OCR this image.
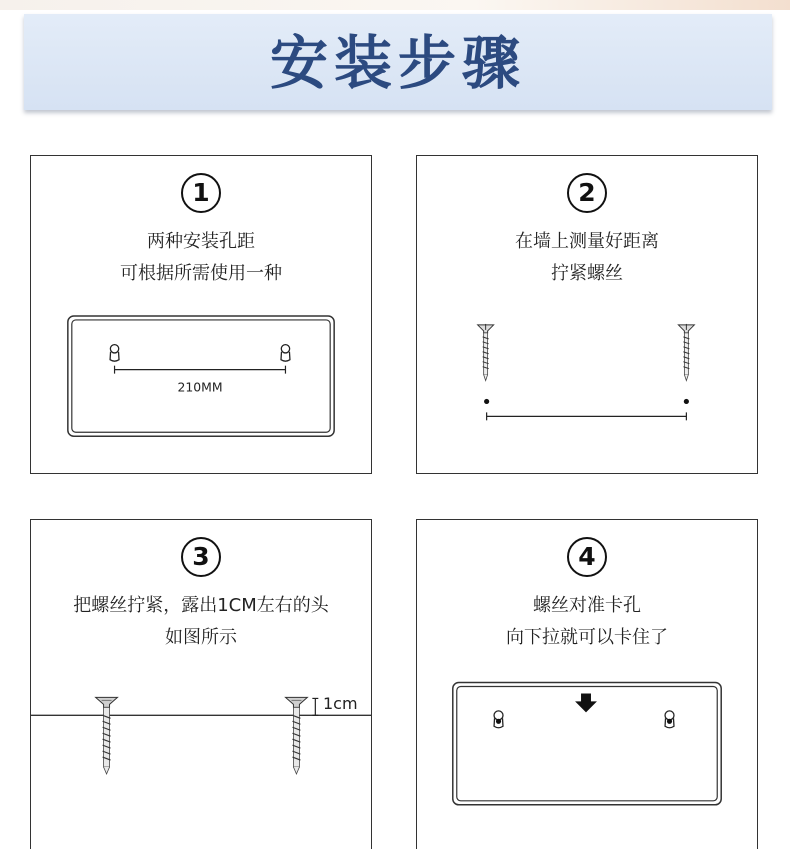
安装步骤
1
两种安装孔距
可根据所需使用一种
210MM
2
在墙上测量好距离
拧紧螺丝
3
把螺丝拧紧，露出1CM左右的头
如图所示
1cm
4
螺丝对准卡孔
向下拉就可以卡住了
